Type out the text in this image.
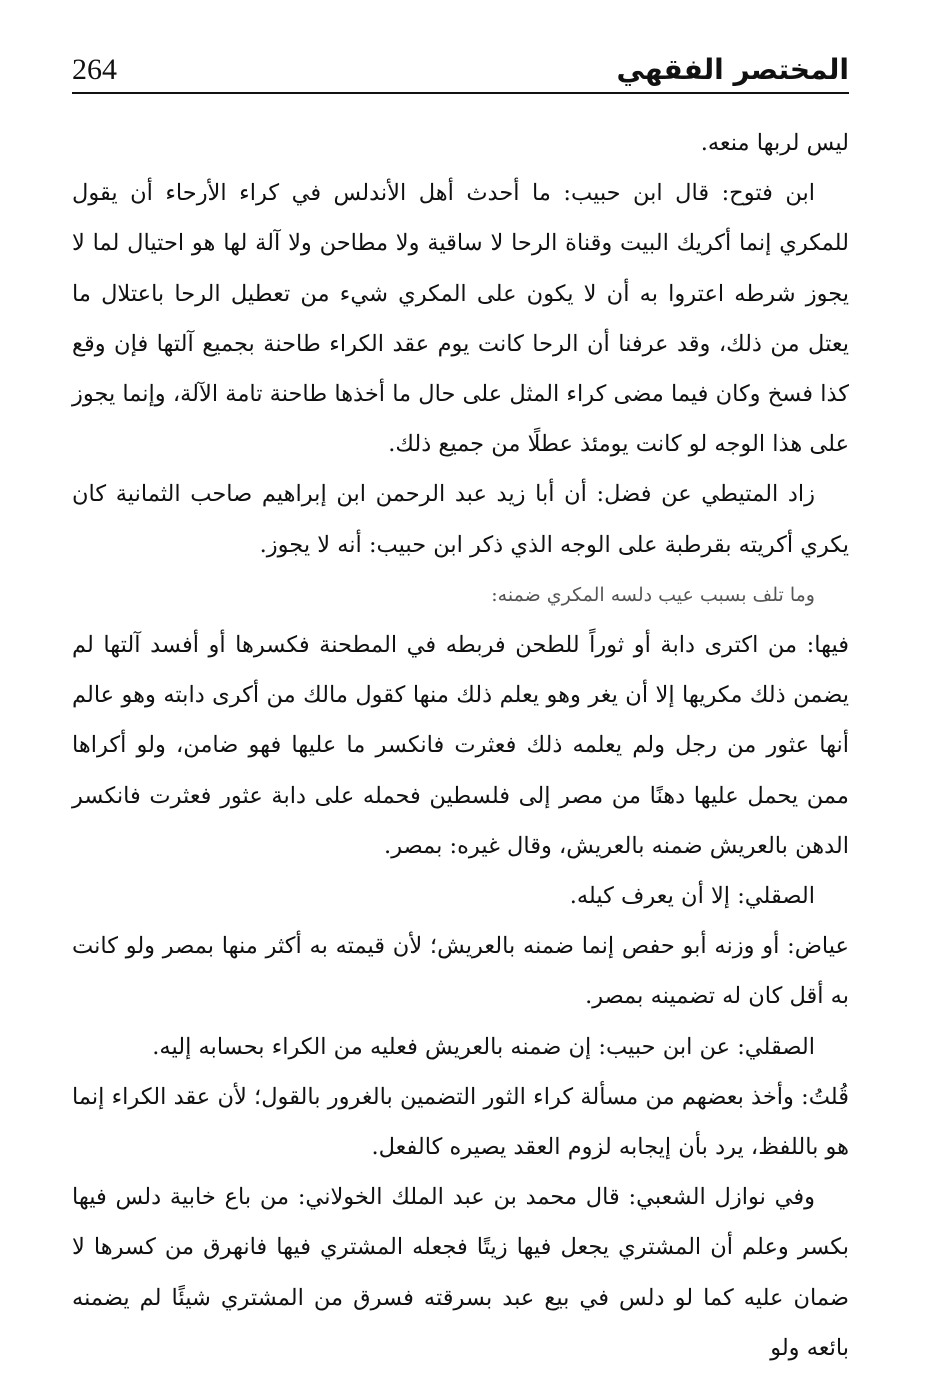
المختصر الفقهي
264

ليس لربها منعه.

ابن فتوح: قال ابن حبيب: ما أحدث أهل الأندلس في كراء الأرحاء أن يقول للمكري إنما أكريك البيت وقناة الرحا لا ساقية ولا مطاحن ولا آلة لها هو احتيال لما لا يجوز شرطه اعتروا به أن لا يكون على المكري شيء من تعطيل الرحا باعتلال ما يعتل من ذلك، وقد عرفنا أن الرحا كانت يوم عقد الكراء طاحنة بجميع آلتها فإن وقع كذا فسخ وكان فيما مضى كراء المثل على حال ما أخذها طاحنة تامة الآلة، وإنما يجوز على هذا الوجه لو كانت يومئذ عطلًا من جميع ذلك.

زاد المتيطي عن فضل: أن أبا زيد عبد الرحمن ابن إبراهيم صاحب الثمانية كان يكري أكريته بقرطبة على الوجه الذي ذكر ابن حبيب: أنه لا يجوز.

وما تلف بسبب عيب دلسه المكري ضمنه:

فيها: من اكترى دابة أو ثوراً للطحن فربطه في المطحنة فكسرها أو أفسد آلتها لم يضمن ذلك مكريها إلا أن يغر وهو يعلم ذلك منها كقول مالك من أكرى دابته وهو عالم أنها عثور من رجل ولم يعلمه ذلك فعثرت فانكسر ما عليها فهو ضامن، ولو أكراها ممن يحمل عليها دهنًا من مصر إلى فلسطين فحمله على دابة عثور فعثرت فانكسر الدهن بالعريش ضمنه بالعريش، وقال غيره: بمصر.

الصقلي: إلا أن يعرف كيله.

عياض: أو وزنه أبو حفص إنما ضمنه بالعريش؛ لأن قيمته به أكثر منها بمصر ولو كانت به أقل كان له تضمينه بمصر.

الصقلي: عن ابن حبيب: إن ضمنه بالعريش فعليه من الكراء بحسابه إليه.

قُلتُ: وأخذ بعضهم من مسألة كراء الثور التضمين بالغرور بالقول؛ لأن عقد الكراء إنما هو باللفظ، يرد بأن إيجابه لزوم العقد يصيره كالفعل.

وفي نوازل الشعبي: قال محمد بن عبد الملك الخولاني: من باع خابية دلس فيها بكسر وعلم أن المشتري يجعل فيها زيتًا فجعله المشتري فيها فانهرق من كسرها لا ضمان عليه كما لو دلس في بيع عبد بسرقته فسرق من المشتري شيئًا لم يضمنه بائعه ولو
